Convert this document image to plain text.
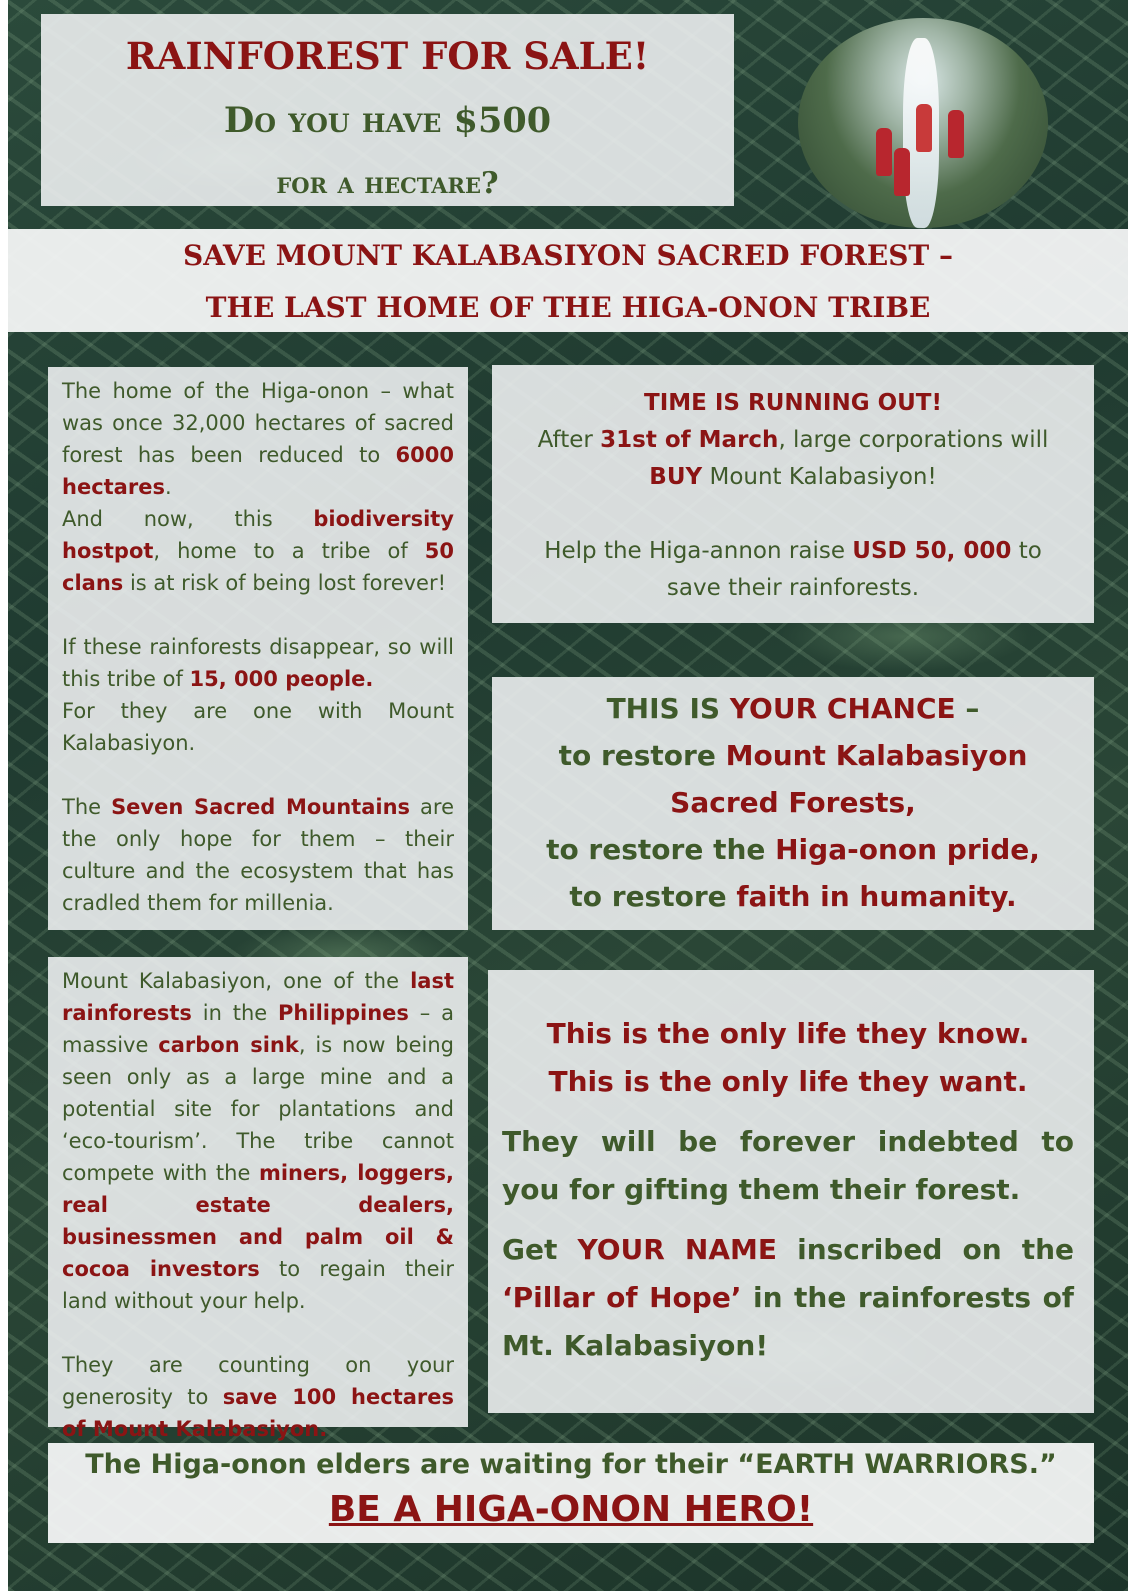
RAINFOREST FOR SALE!

Do you have $500

for a hectare?

SAVE MOUNT KALABASIYON SACRED FOREST –

THE LAST HOME OF THE HIGA-ONON TRIBE

The home of the Higa-onon – what was once 32,000 hectares of sacred forest has been reduced to 6000 hectares.
And now, this biodiversity hostpot, home to a tribe of 50 clans is at risk of being lost forever!
If these rainforests disappear, so will this tribe of 15, 000 people.
For they are one with Mount Kalabasiyon.
The Seven Sacred Mountains are the only hope for them – their culture and the ecosystem that has cradled them for millenia.
Mount Kalabasiyon, one of the last rainforests in the Philippines – a massive carbon sink, is now being seen only as a large mine and a potential site for plantations and ‘eco-tourism’. The tribe cannot compete with the miners, loggers, real estate dealers, businessmen and palm oil & cocoa investors to regain their land without your help.
They are counting on your generosity to save 100 hectares of Mount Kalabasiyon.

TIME IS RUNNING OUT!

After 31st of March, large corporations will

BUY Mount Kalabasiyon!

Help the Higa-annon raise USD 50, 000 to

save their rainforests.

THIS IS YOUR CHANCE –

to restore Mount Kalabasiyon

Sacred Forests,

to restore the Higa-onon pride,

to restore faith in humanity.

This is the only life they know.

This is the only life they want.

They will be forever indebted to you for gifting them their forest.

Get YOUR NAME inscribed on the ‘Pillar of Hope’ in the rainforests of Mt. Kalabasiyon!

The Higa-onon elders are waiting for their “EARTH WARRIORS.”

BE A HIGA-ONON HERO!
